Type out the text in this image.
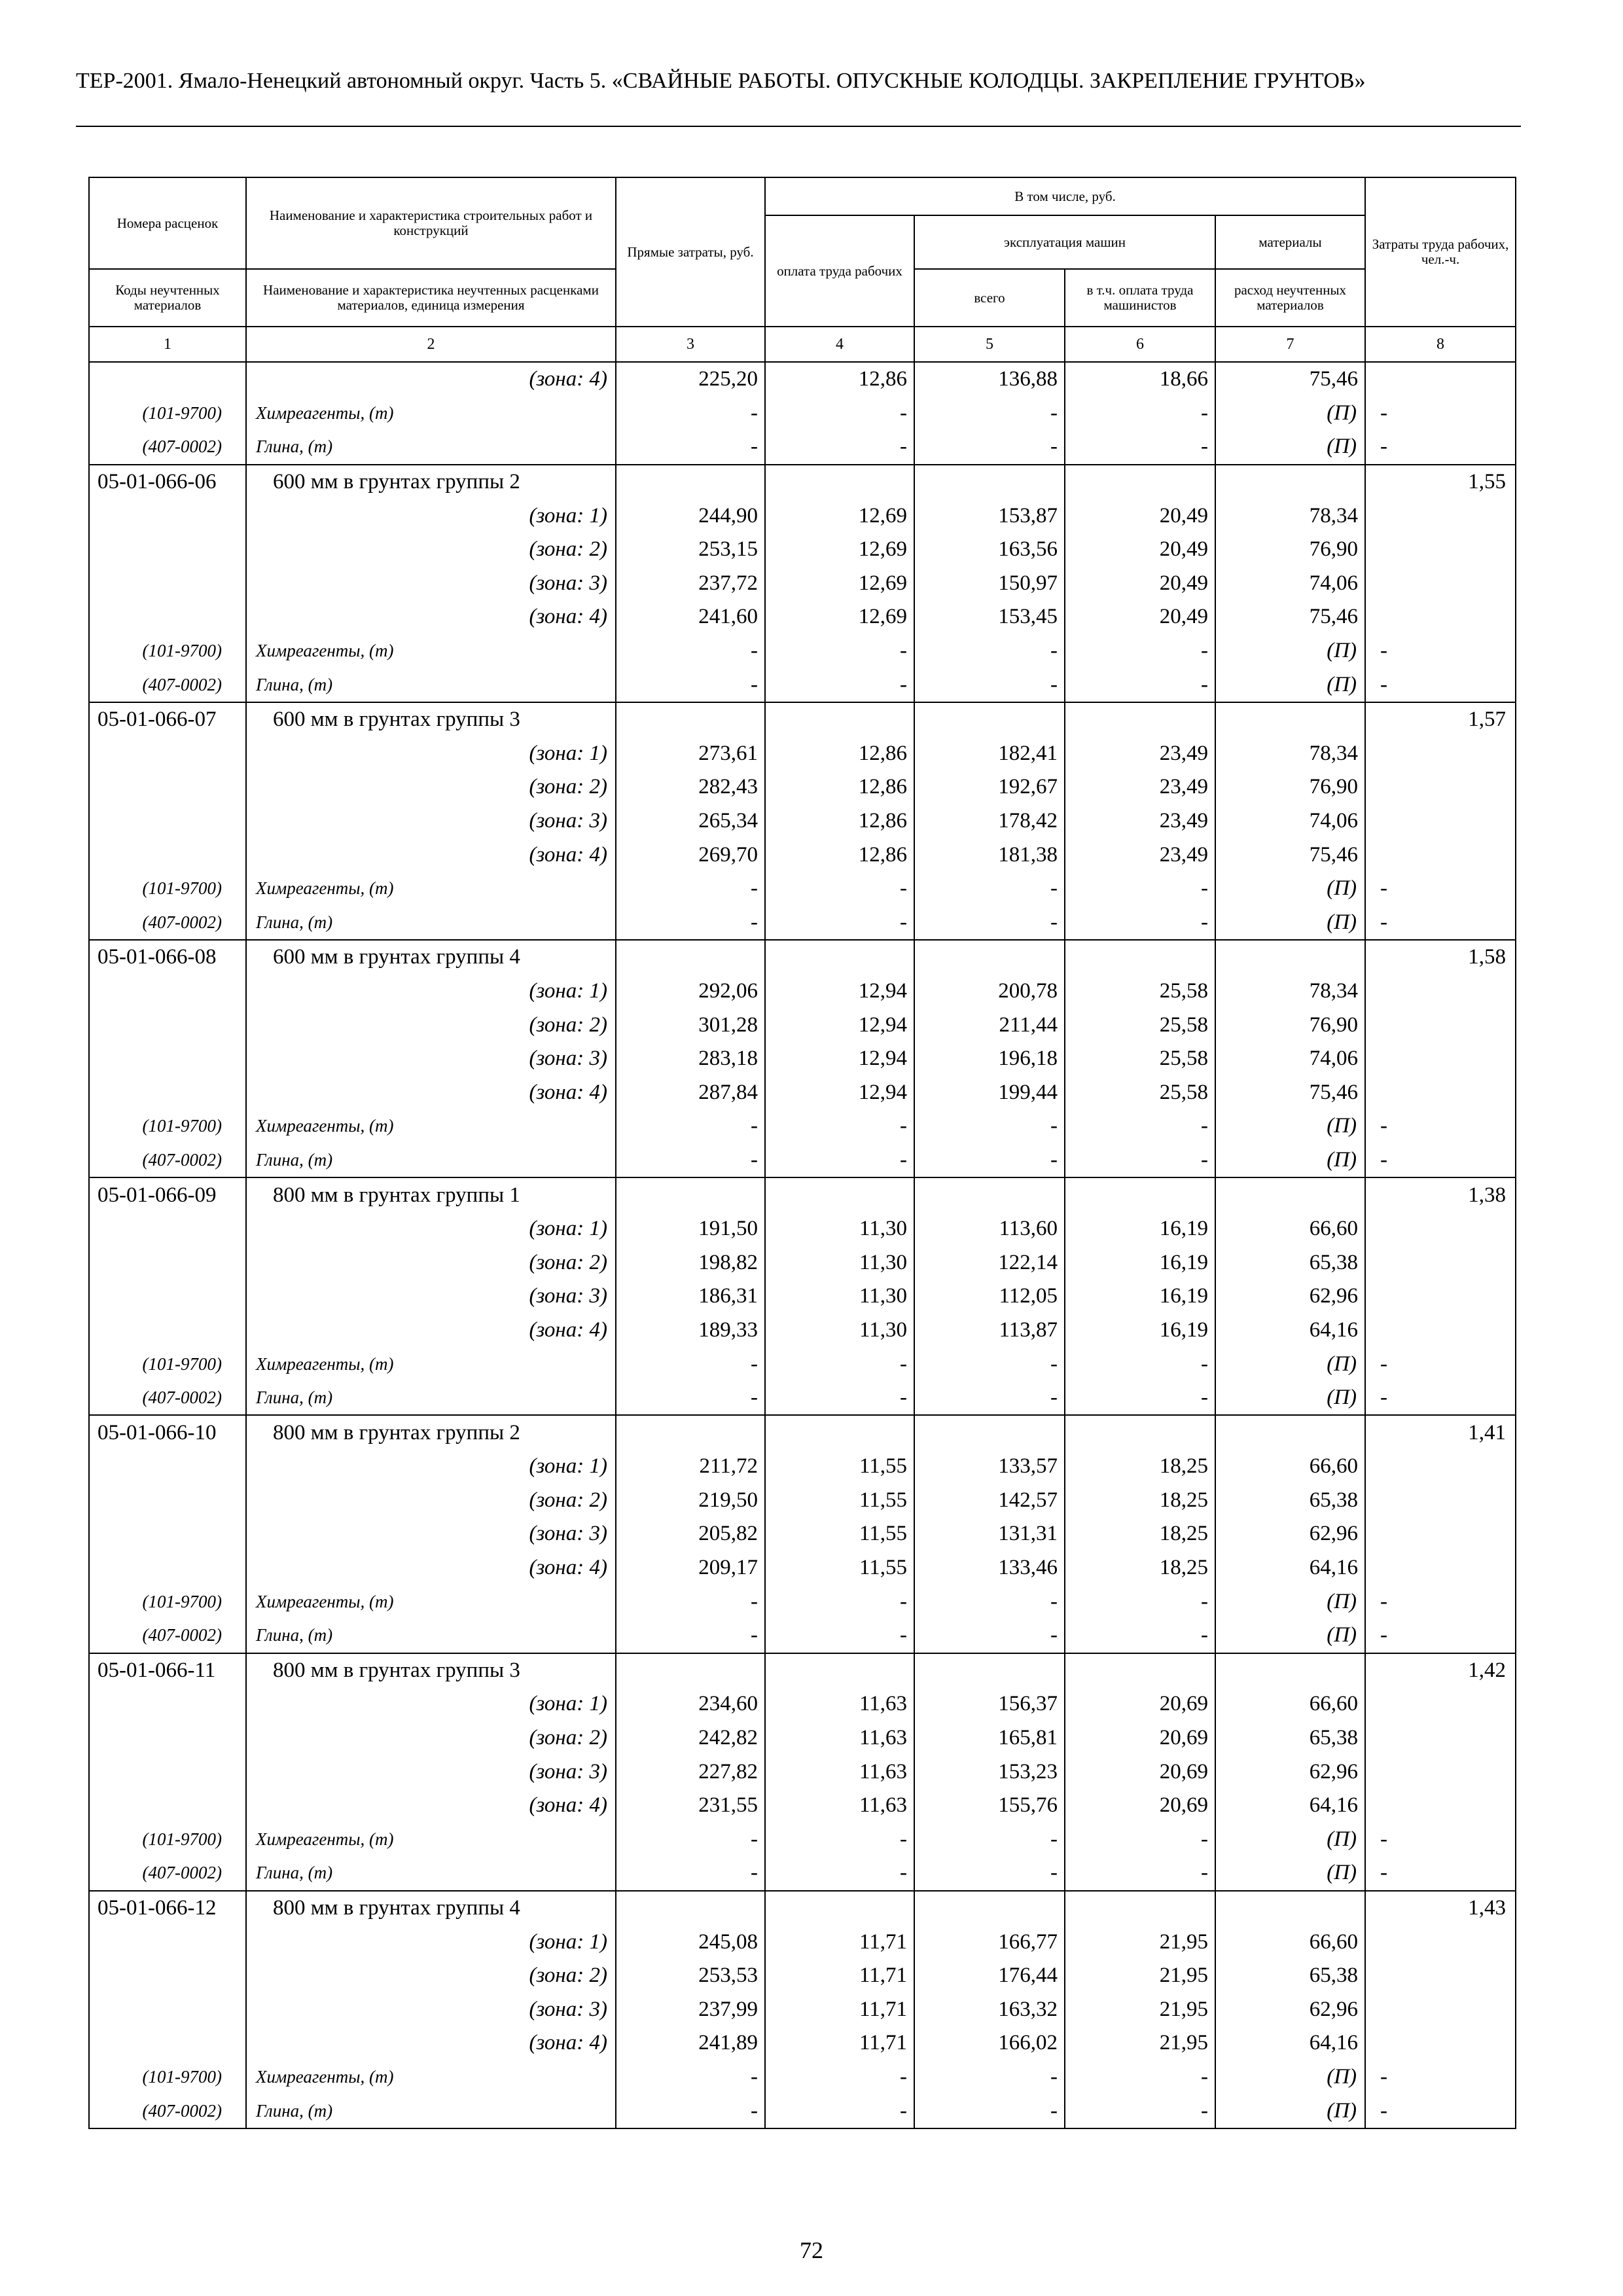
ТЕР-2001. Ямало-Ненецкий автономный округ. Часть 5. «СВАЙНЫЕ РАБОТЫ. ОПУСКНЫЕ КОЛОДЦЫ. ЗАКРЕПЛЕНИЕ ГРУНТОВ»
Номера расценок	Наименование и характеристика строительных работ и конструкций	Прямые затраты, руб.	В том числе, руб.				Затраты труда рабочих, чел.-ч.
			оплата труда рабочих	эксплуатация машин		материалы	
Коды неучтенных материалов	Наименование и характеристика неучтенных расценками материалов, единица измерения			всего	в т.ч. оплата труда машинистов	расход неучтенных материалов	
1	2	3	4	5	6	7	8
	(зона: 4)	225,20	12,86	136,88	18,66	75,46	
(101-9700)	Химреагенты, (т)	-	-	-	-	(П)	-
(407-0002)	Глина, (т)	-	-	-	-	(П)	-
05-01-066-06	600 мм в грунтах группы 2						1,55
	(зона: 1)	244,90	12,69	153,87	20,49	78,34	
	(зона: 2)	253,15	12,69	163,56	20,49	76,90	
	(зона: 3)	237,72	12,69	150,97	20,49	74,06	
	(зона: 4)	241,60	12,69	153,45	20,49	75,46	
(101-9700)	Химреагенты, (т)	-	-	-	-	(П)	-
(407-0002)	Глина, (т)	-	-	-	-	(П)	-
05-01-066-07	600 мм в грунтах группы 3						1,57
	(зона: 1)	273,61	12,86	182,41	23,49	78,34	
	(зона: 2)	282,43	12,86	192,67	23,49	76,90	
	(зона: 3)	265,34	12,86	178,42	23,49	74,06	
	(зона: 4)	269,70	12,86	181,38	23,49	75,46	
(101-9700)	Химреагенты, (т)	-	-	-	-	(П)	-
(407-0002)	Глина, (т)	-	-	-	-	(П)	-
05-01-066-08	600 мм в грунтах группы 4						1,58
	(зона: 1)	292,06	12,94	200,78	25,58	78,34	
	(зона: 2)	301,28	12,94	211,44	25,58	76,90	
	(зона: 3)	283,18	12,94	196,18	25,58	74,06	
	(зона: 4)	287,84	12,94	199,44	25,58	75,46	
(101-9700)	Химреагенты, (т)	-	-	-	-	(П)	-
(407-0002)	Глина, (т)	-	-	-	-	(П)	-
05-01-066-09	800 мм в грунтах группы 1						1,38
	(зона: 1)	191,50	11,30	113,60	16,19	66,60	
	(зона: 2)	198,82	11,30	122,14	16,19	65,38	
	(зона: 3)	186,31	11,30	112,05	16,19	62,96	
	(зона: 4)	189,33	11,30	113,87	16,19	64,16	
(101-9700)	Химреагенты, (т)	-	-	-	-	(П)	-
(407-0002)	Глина, (т)	-	-	-	-	(П)	-
05-01-066-10	800 мм в грунтах группы 2						1,41
	(зона: 1)	211,72	11,55	133,57	18,25	66,60	
	(зона: 2)	219,50	11,55	142,57	18,25	65,38	
	(зона: 3)	205,82	11,55	131,31	18,25	62,96	
	(зона: 4)	209,17	11,55	133,46	18,25	64,16	
(101-9700)	Химреагенты, (т)	-	-	-	-	(П)	-
(407-0002)	Глина, (т)	-	-	-	-	(П)	-
05-01-066-11	800 мм в грунтах группы 3						1,42
	(зона: 1)	234,60	11,63	156,37	20,69	66,60	
	(зона: 2)	242,82	11,63	165,81	20,69	65,38	
	(зона: 3)	227,82	11,63	153,23	20,69	62,96	
	(зона: 4)	231,55	11,63	155,76	20,69	64,16	
(101-9700)	Химреагенты, (т)	-	-	-	-	(П)	-
(407-0002)	Глина, (т)	-	-	-	-	(П)	-
05-01-066-12	800 мм в грунтах группы 4						1,43
	(зона: 1)	245,08	11,71	166,77	21,95	66,60	
	(зона: 2)	253,53	11,71	176,44	21,95	65,38	
	(зона: 3)	237,99	11,71	163,32	21,95	62,96	
	(зона: 4)	241,89	11,71	166,02	21,95	64,16	
(101-9700)	Химреагенты, (т)	-	-	-	-	(П)	-
(407-0002)	Глина, (т)	-	-	-	-	(П)	-
72
